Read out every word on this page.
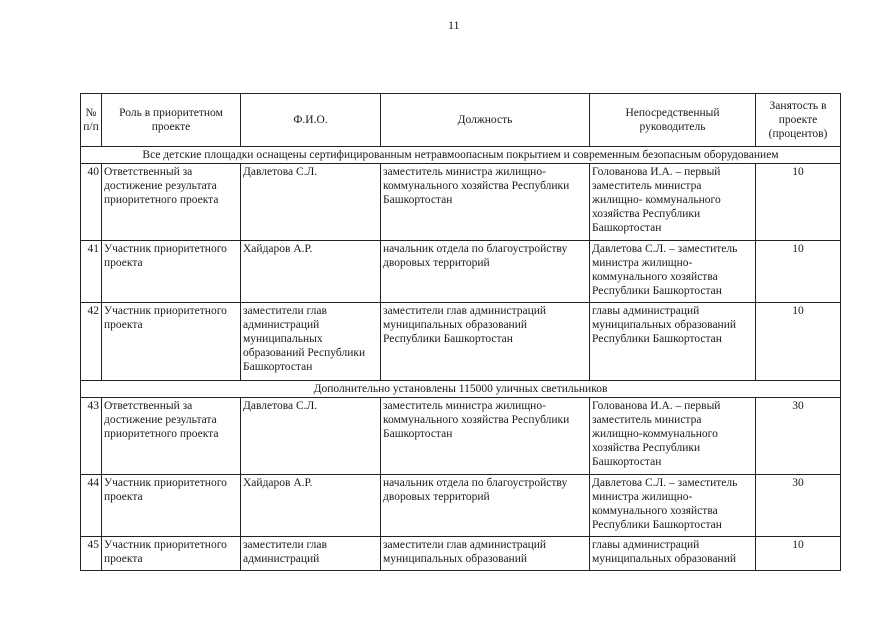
11
№ п/п	Роль в приоритетном проекте	Ф.И.О.	Должность	Непосредственный руководитель	Занятость в проекте (процентов)
Все детские площадки оснащены сертифицированным нетравмоопасным покрытием и современным безопасным оборудованием					
40	Ответственный за достижение результата приоритетного проекта	Давлетова С.Л.	заместитель министра жилищно-коммунального хозяйства Республики Башкортостан	Голованова И.А. – первый заместитель министра жилищно- коммунального хозяйства Республики Башкортостан	10
41	Участник приоритетного проекта	Хайдаров А.Р.	начальник отдела по благоустройству дворовых территорий	Давлетова С.Л. – заместитель министра жилищно-коммунального хозяйства Республики Башкортостан	10
42	Участник приоритетного проекта	заместители глав администраций муниципальных образований Республики Башкортостан	заместители глав администраций муниципальных образований Республики Башкортостан	главы администраций муниципальных образований Республики Башкортостан	10
Дополнительно установлены 115000 уличных светильников					
43	Ответственный за достижение результата приоритетного проекта	Давлетова С.Л.	заместитель министра жилищно-коммунального хозяйства Республики Башкортостан	Голованова И.А. – первый заместитель министра жилищно-коммунального хозяйства Республики Башкортостан	30
44	Участник приоритетного проекта	Хайдаров А.Р.	начальник отдела по благоустройству дворовых территорий	Давлетова С.Л. – заместитель министра жилищно-коммунального хозяйства Республики Башкортостан	30
45	Участник приоритетного проекта	заместители глав администраций	заместители глав администраций муниципальных образований	главы администраций муниципальных образований	10
